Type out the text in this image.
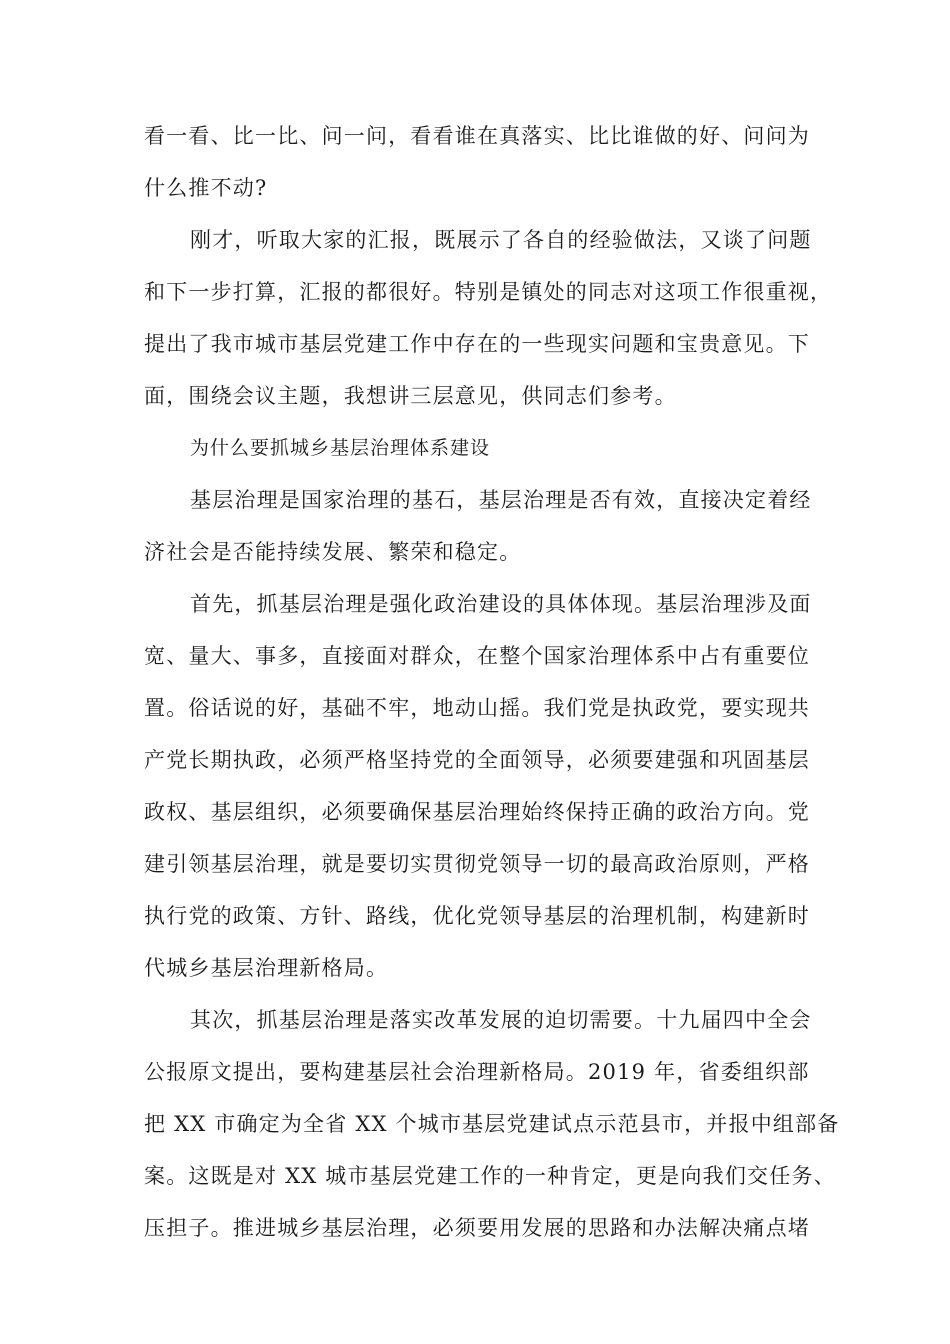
看一看、比一比、问一问，看看谁在真落实、比比谁做的好、问问为
什么推不动?
刚才，听取大家的汇报，既展示了各自的经验做法，又谈了问题
和下一步打算，汇报的都很好。特别是镇处的同志对这项工作很重视，
提出了我市城市基层党建工作中存在的一些现实问题和宝贵意见。下
面，围绕会议主题，我想讲三层意见，供同志们参考。
为什么要抓城乡基层治理体系建设
基层治理是国家治理的基石，基层治理是否有效，直接决定着经
济社会是否能持续发展、繁荣和稳定。
首先，抓基层治理是强化政治建设的具体体现。基层治理涉及面
宽、量大、事多，直接面对群众，在整个国家治理体系中占有重要位
置。俗话说的好，基础不牢，地动山摇。我们党是执政党，要实现共
产党长期执政，必须严格坚持党的全面领导，必须要建强和巩固基层
政权、基层组织，必须要确保基层治理始终保持正确的政治方向。党
建引领基层治理，就是要切实贯彻党领导一切的最高政治原则，严格
执行党的政策、方针、路线，优化党领导基层的治理机制，构建新时
代城乡基层治理新格局。
其次，抓基层治理是落实改革发展的迫切需要。十九届四中全会
公报原文提出，要构建基层社会治理新格局。2019 年，省委组织部
把 XX 市确定为全省 XX 个城市基层党建试点示范县市，并报中组部备
案。这既是对 XX 城市基层党建工作的一种肯定，更是向我们交任务、
压担子。推进城乡基层治理，必须要用发展的思路和办法解决痛点堵
